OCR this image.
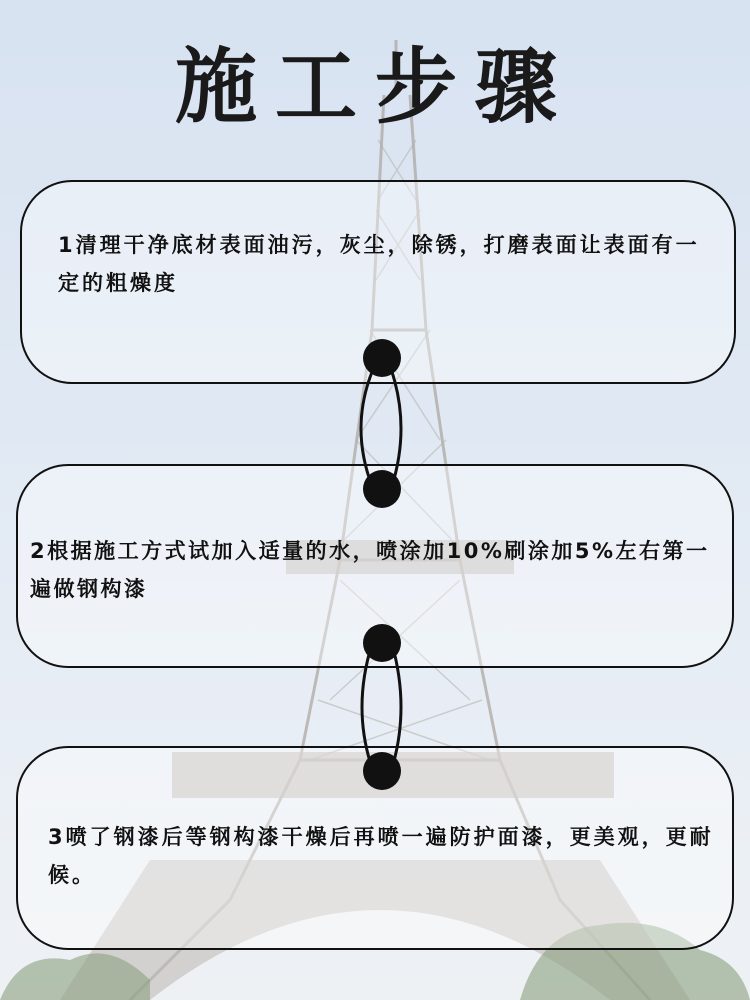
施工步骤
1清理干净底材表面油污，灰尘，除锈，打磨表面让表面有一定的粗燥度
2根据施工方式试加入适量的水，喷涂加10%刷涂加5%左右第一遍做钢构漆
3喷了钢漆后等钢构漆干燥后再喷一遍防护面漆，更美观，更耐候。
